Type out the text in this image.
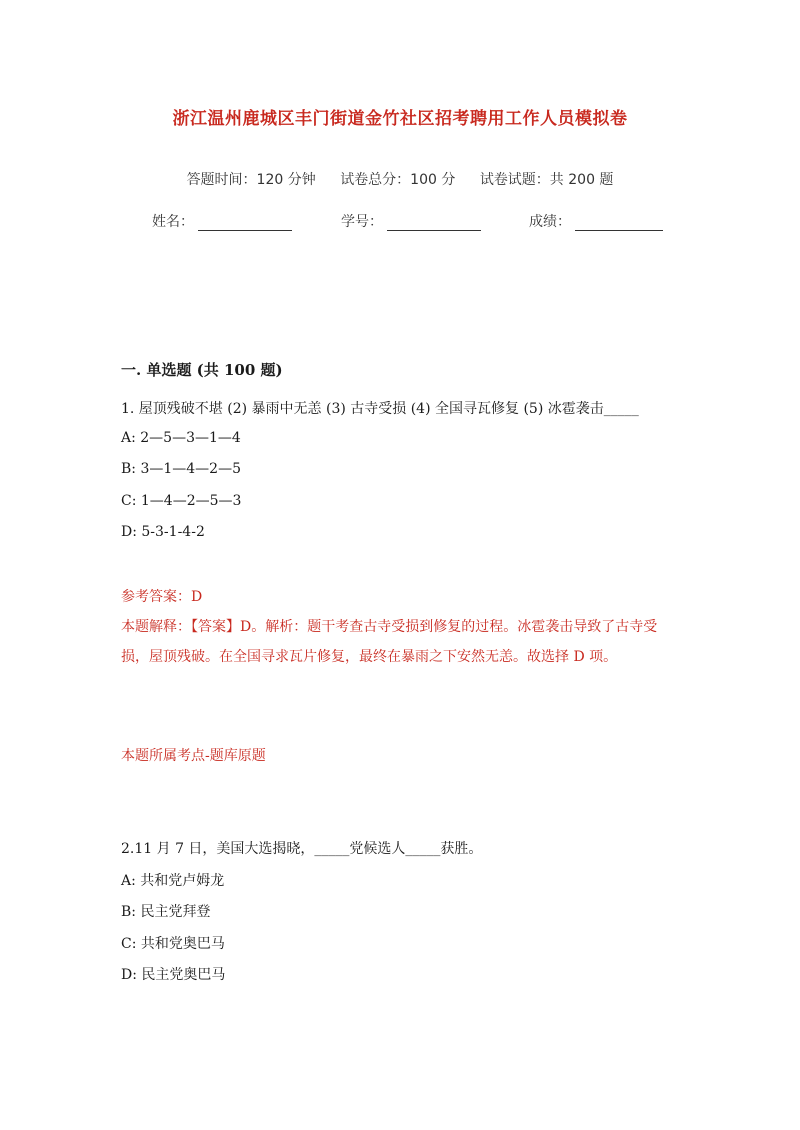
浙江温州鹿城区丰门街道金竹社区招考聘用工作人员模拟卷
答题时间：120 分钟 试卷总分：100 分 试卷试题：共 200 题
姓名：	学号：	成绩：
一. 单选题 (共 100 题)
1. 屋顶残破不堪 (2) 暴雨中无恙 (3) 古寺受损 (4) 全国寻瓦修复 (5) 冰雹袭击_____
A: 2—5—3—1—4
B: 3—1—4—2—5
C: 1—4—2—5—3
D: 5-3-1-4-2
参考答案：D
本题解释：【答案】D。解析：题干考查古寺受损到修复的过程。冰雹袭击导致了古寺受损，屋顶残破。在全国寻求瓦片修复，最终在暴雨之下安然无恙。故选择 D 项。
本题所属考点-题库原题
2.11 月 7 日，美国大选揭晓，_____党候选人_____获胜。
A: 共和党卢姆龙
B: 民主党拜登
C: 共和党奥巴马
D: 民主党奥巴马
